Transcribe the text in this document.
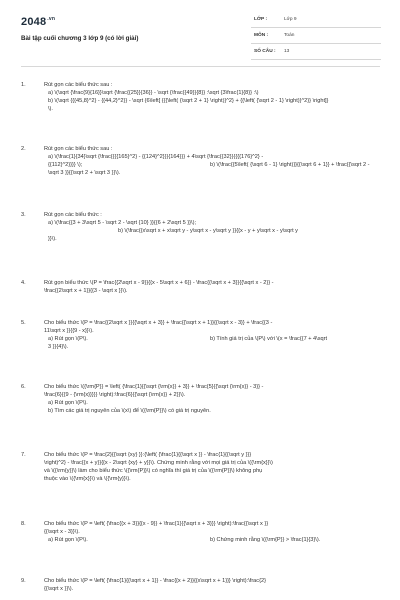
$2048^{.vn}$
Bài tập cuối chương 3 lớp 9 (có lời giải)
LỚP :	Lớp 9
MÔN :	Toán
SỐ CÂU : 13
1.	Rút gọn các biểu thức sau :
a) \(\sqrt {\frac{9}{16}}\sqrt {\frac{{25}}{36}} - \sqrt {\frac{{49}}{8}} :\sqrt {3\frac{1}{8}} :\)
b) \(\sqrt {{{45,8}^2} - {{44,2}^2}} - \sqrt {6\left[ {{{\left( {\sqrt 2 + 1} \right)}^2} + {{\left( {\sqrt 2 - 1} \right)}^2}} \right]}
\).
2.	Rút gọn các biểu thức sau :
a) \(\frac{1}{34}\sqrt {\frac{{{{165}^2} - {{124}^2}}}{164}}} + 4\sqrt {\frac{{32}}{{{{176}^2} -
{{112}^2}}}} \);	b) \(\frac{{5\left( {\sqrt 6 - 1} \right)}}{{\sqrt 6 + 1}} + \frac{{\sqrt 2 -
\sqrt 3 }}{{\sqrt 2 + \sqrt 3 }}\).
3.	Rút gọn các biểu thức :
a) \(\frac{{3 + 3\sqrt 5 - \sqrt 2 - \sqrt {10} }}{{6 + 2\sqrt 5 }}\);
b) \(\frac{{x\sqrt x + x\sqrt y - y\sqrt x - y\sqrt y }}{{x - y + y\sqrt x - y\sqrt y
}}\).
4.	Rút gọn biểu thức \(P = \frac{{2\sqrt x - 9}}{{x - 5\sqrt x + 6}} - \frac{{\sqrt x + 3}}{{\sqrt x - 2}} -
\frac{{2\sqrt x + 1}}{{3 - \sqrt x }}\).
5.	Cho biểu thức \(P = \frac{{2\sqrt x }}{{\sqrt x + 3}} + \frac{{\sqrt x + 1}}{{\sqrt x - 3}} + \frac{{3 -
11\sqrt x }}{{9 - x}}\).
a) Rút gọn \(P\).	b) Tính giá trị của \(P\) với \(x = \frac{{7 + 4\sqrt
3 }}{4}\).
6.	Cho biểu thức \({\rm{P}} = \left( {\frac{1}{{\sqrt {\rm{x}} + 3}} + \frac{5}{{\sqrt {\rm{x}} - 3}} -
\frac{6}{{9 - {\rm{x}}}}} \right):\frac{6}{{\sqrt {\rm{x}} + 2}}\).
a) Rút gọn \(P\).
b) Tìm các giá trị nguyên của \(x\) để \({\rm{P}}\) có giá trị nguyên.
7.	Cho biểu thức \(P = \frac{2}{{\sqrt {xy} }}:{\left( {\frac{1}{{\sqrt x }} - \frac{1}{{\sqrt y }}}
\right)^2} - \frac{{x + y}}{{x - 2\sqrt {xy} + y}}\). Chứng minh rằng với mọi giá trị của \({\rm{x}}\)
và \({\rm{y}}\) làm cho biểu thức \({\rm{P}}\) có nghĩa thì giá trị của \({\rm{P}}\) không phụ
thuộc vào \({\rm{x}}\) và \({\rm{y}}\).
8.	Cho biểu thức \(P = \left( {\frac{{x + 3}}{{x - 9}} + \frac{1}{{\sqrt x + 3}}} \right):\frac{{\sqrt x }}
{{\sqrt x - 3}}\).
a) Rút gọn \(P\).	b) Chứng minh rằng \({\rm{P}} > \frac{1}{3}\).
9.	Cho biểu thức \(P = \left( {\frac{1}{{\sqrt x + 1}} - \frac{{x + 2}}{{x\sqrt x + 1}}} \right):\frac{2}
{{\sqrt x }}\).
